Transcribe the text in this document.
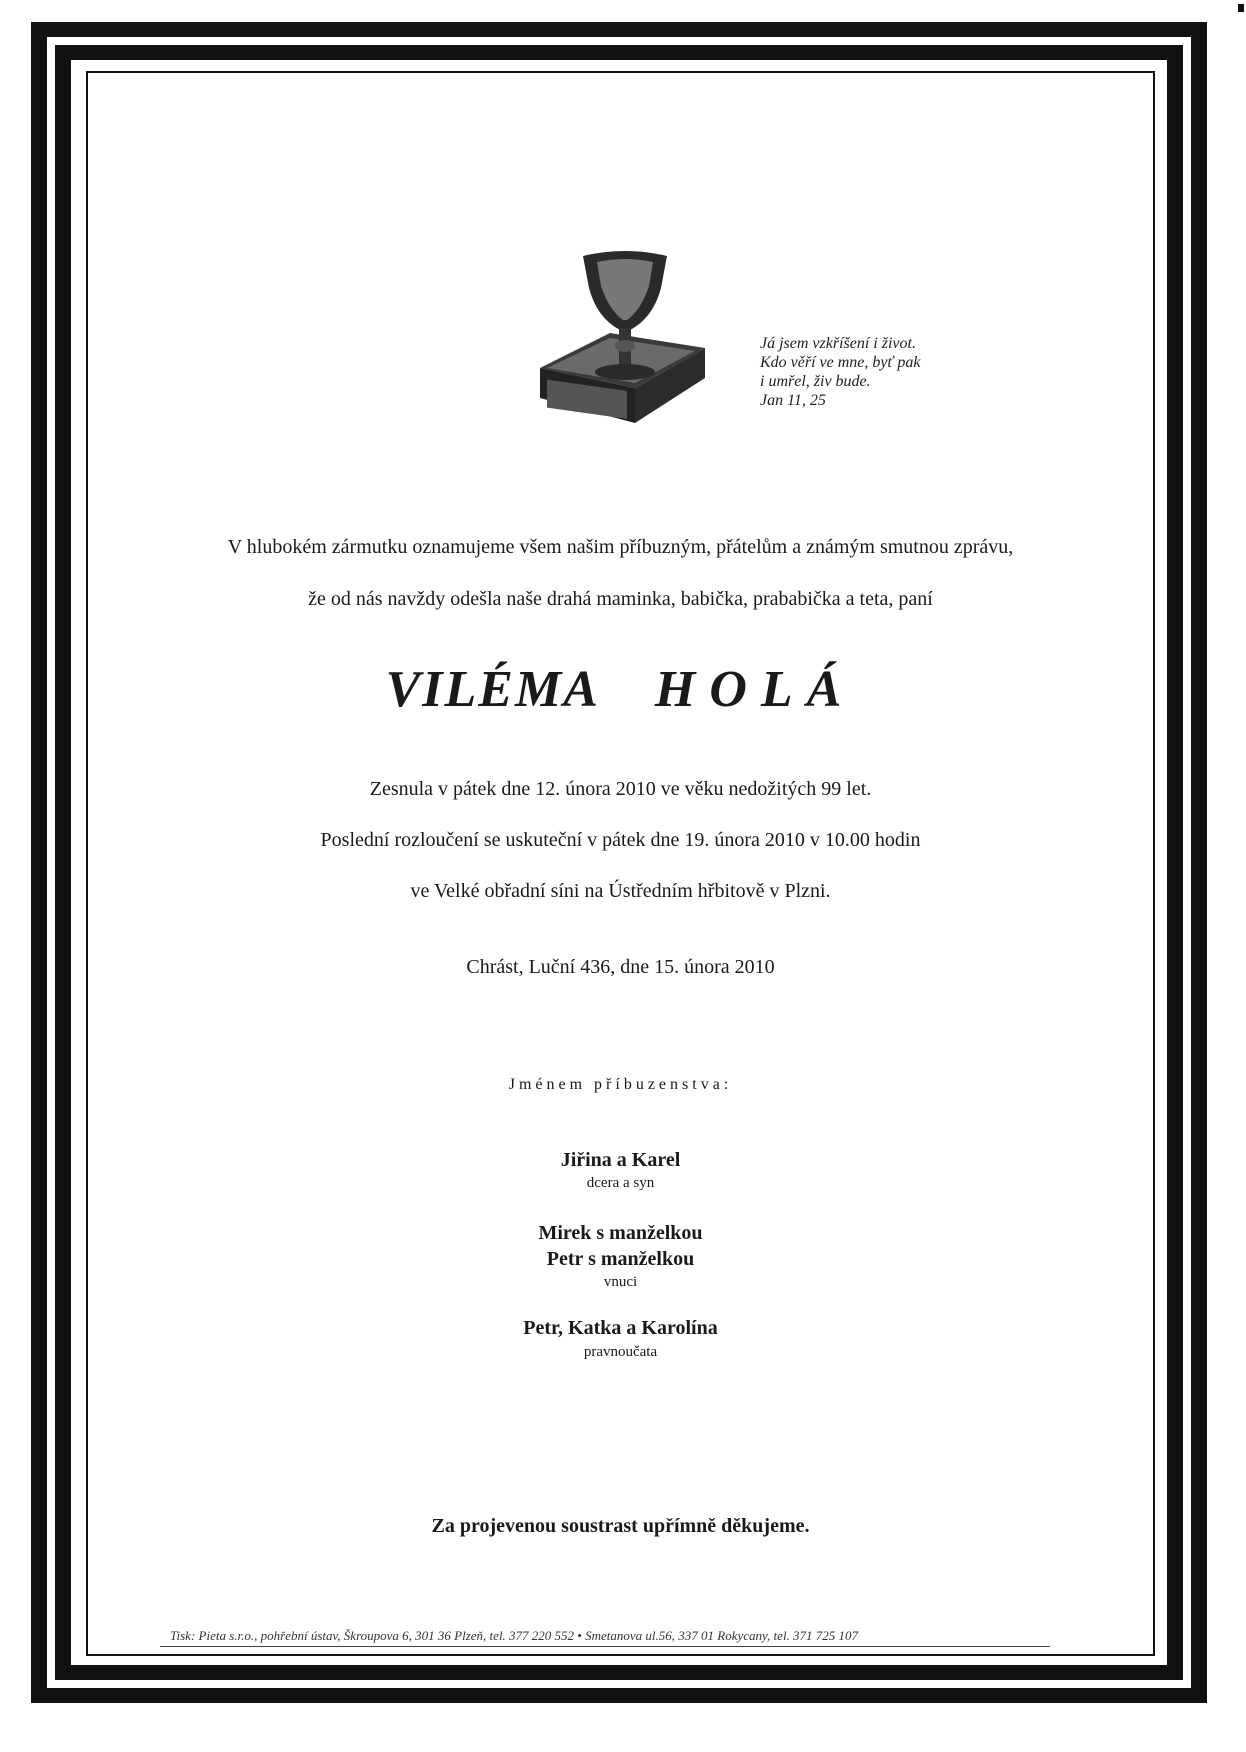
Já jsem vzkříšení i život.
Kdo věří ve mne, byť pak
i umřel, živ bude.
Jan 11, 25
V hlubokém zármutku oznamujeme všem našim příbuzným, přátelům a známým smutnou zprávu,
že od nás navždy odešla naše drahá maminka, babička, prababička a teta, paní
VILÉMA HOLÁ
Zesnula v pátek dne 12. února 2010 ve věku nedožitých 99 let.
Poslední rozloučení se uskuteční v pátek dne 19. února 2010 v 10.00 hodin
ve Velké obřadní síni na Ústředním hřbitově v Plzni.
Chrást, Luční 436, dne 15. února 2010
Jménem příbuzenstva:
Jiřina a Karel
dcera a syn
Mirek s manželkou
Petr s manželkou
vnuci
Petr, Katka a Karolína
pravnoučata
Za projevenou soustrast upřímně děkujeme.
Tisk: Pieta s.r.o., pohřební ústav, Škroupova 6, 301 36 Plzeň, tel. 377 220 552 • Smetanova ul.56, 337 01 Rokycany, tel. 371 725 107
